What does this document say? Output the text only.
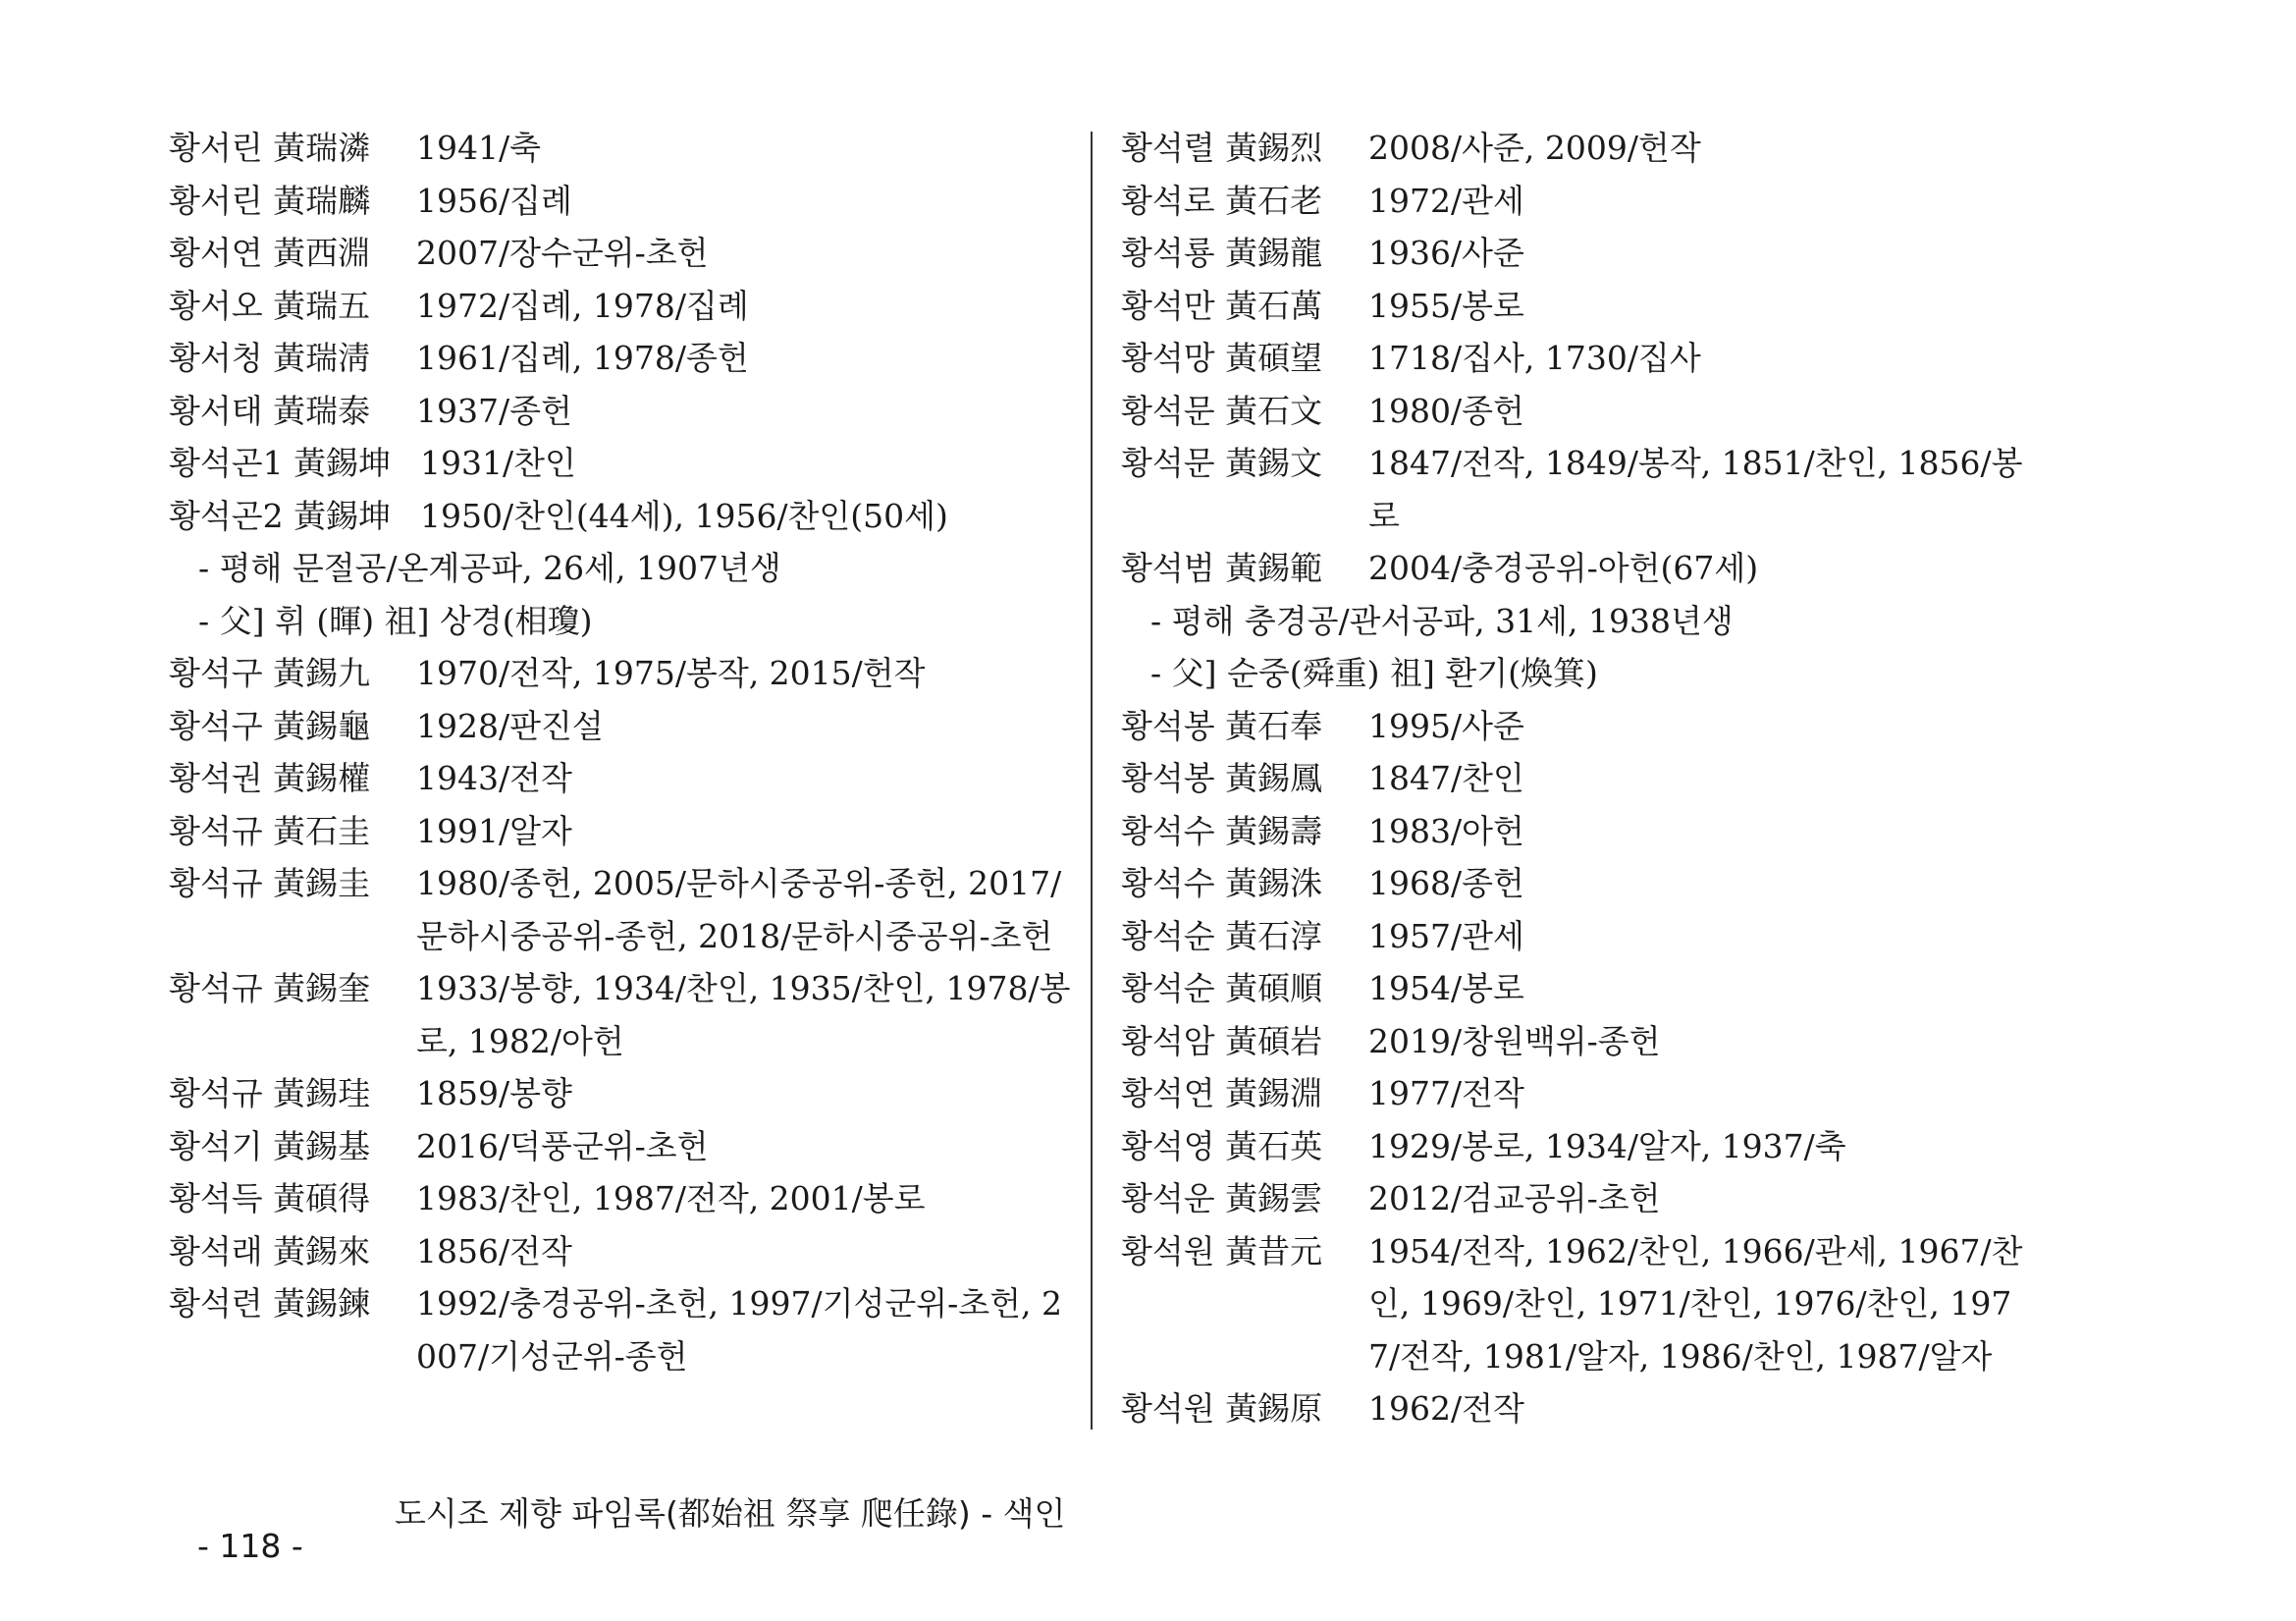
황서린 黃瑞潾	1941/축
황서린 黃瑞麟	1956/집례
황서연 黃西淵	2007/장수군위-초헌
황서오 黃瑞五	1972/집례, 1978/집례
황서청 黃瑞淸	1961/집례, 1978/종헌
황서태 黃瑞泰	1937/종헌
황석곤1 黃錫坤 1931/찬인
황석곤2 黃錫坤 1950/찬인(44세), 1956/찬인(50세)
- 평해 문절공/온계공파, 26세, 1907년생
- 父] 휘 (暉) 祖] 상경(相瓊)
황석구 黃錫九	1970/전작, 1975/봉작, 2015/헌작
황석구 黃錫龜	1928/판진설
황석권 黃錫權	1943/전작
황석규 黃石圭	1991/알자
황석규 黃錫圭	1980/종헌, 2005/문하시중공위-종헌, 2017/문하시중공위-종헌, 2018/문하시중공위-초헌
황석규 黃錫奎	1933/봉향, 1934/찬인, 1935/찬인, 1978/봉로, 1982/아헌
황석규 黃錫珪	1859/봉향
황석기 黃錫基	2016/덕풍군위-초헌
황석득 黃碩得	1983/찬인, 1987/전작, 2001/봉로
황석래 黃錫來	1856/전작
황석련 黃錫鍊	1992/충경공위-초헌, 1997/기성군위-초헌, 2007/기성군위-종헌
황석렬 黃錫烈	2008/사준, 2009/헌작
황석로 黃石老	1972/관세
황석룡 黃錫龍	1936/사준
황석만 黃石萬	1955/봉로
황석망 黃碩望	1718/집사, 1730/집사
황석문 黃石文	1980/종헌
황석문 黃錫文	1847/전작, 1849/봉작, 1851/찬인, 1856/봉로
황석범 黃錫範	2004/충경공위-아헌(67세)
- 평해 충경공/관서공파, 31세, 1938년생
- 父] 순중(舜重) 祖] 환기(煥箕)
황석봉 黃石奉	1995/사준
황석봉 黃錫鳳	1847/찬인
황석수 黃錫壽	1983/아헌
황석수 黃錫洙	1968/종헌
황석순 黃石淳	1957/관세
황석순 黃碩順	1954/봉로
황석암 黃碩岩	2019/창원백위-종헌
황석연 黃錫淵	1977/전작
황석영 黃石英	1929/봉로, 1934/알자, 1937/축
황석운 黃錫雲	2012/검교공위-초헌
황석원 黃昔元	1954/전작, 1962/찬인, 1966/관세, 1967/찬인, 1969/찬인, 1971/찬인, 1976/찬인, 1977/전작, 1981/알자, 1986/찬인, 1987/알자
황석원 黃錫原	1962/전작

- 118 -

도시조 제향 파임록(都始祖 祭享 爬任錄) - 색인
